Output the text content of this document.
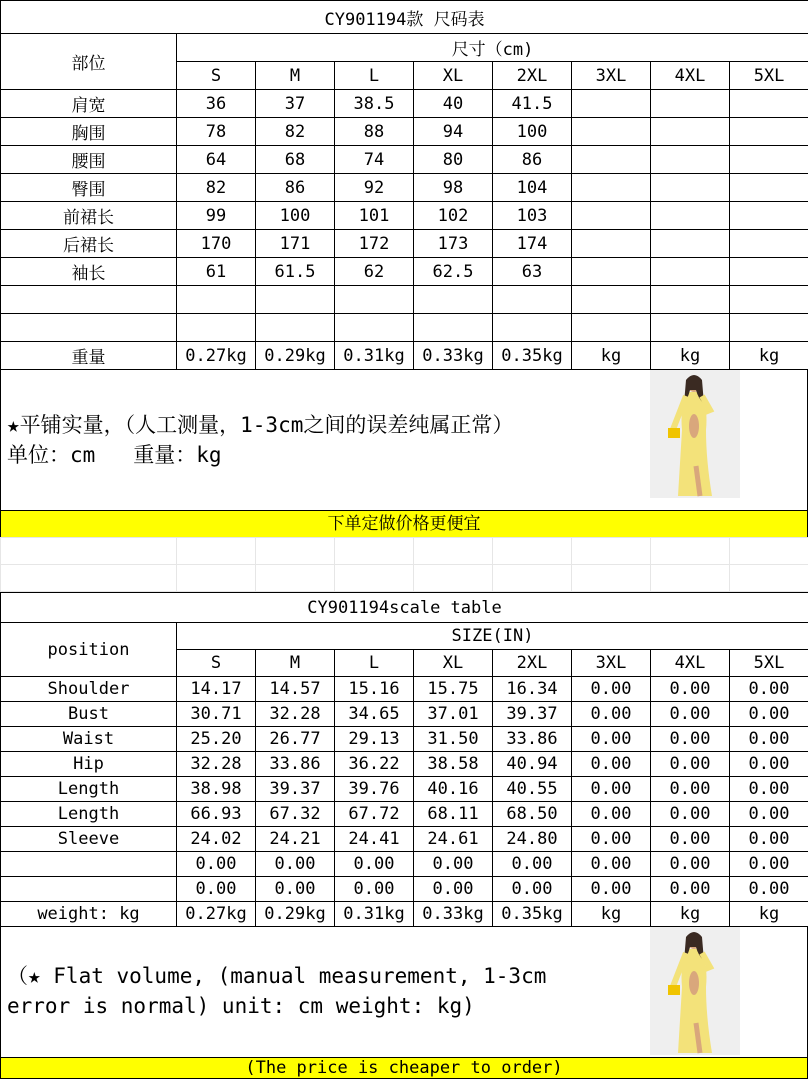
CY901194款 尺码表								
部位	尺寸（cm)							
	S	M	L	XL	2XL	3XL	4XL	5XL
肩宽	36	37	38.5	40	41.5			
胸围	78	82	88	94	100			
腰围	64	68	74	80	86			
臀围	82	86	92	98	104			
前裙长	99	100	101	102	103			
后裙长	170	171	172	173	174			
袖长	61	61.5	62	62.5	63			

重量	0.27kg	0.29kg	0.31kg	0.33kg	0.35kg	kg	kg	kg
★平铺实量，（人工测量，1-3cm之间的误差纯属正常）
单位：cm   重量：kg
下单定做价格更便宜

CY901194scale table								
position	SIZE(IN)							
	S	M	L	XL	2XL	3XL	4XL	5XL
Shoulder	14.17	14.57	15.16	15.75	16.34	0.00	0.00	0.00
Bust	30.71	32.28	34.65	37.01	39.37	0.00	0.00	0.00
Waist	25.20	26.77	29.13	31.50	33.86	0.00	0.00	0.00
Hip	32.28	33.86	36.22	38.58	40.94	0.00	0.00	0.00
Length	38.98	39.37	39.76	40.16	40.55	0.00	0.00	0.00
Length	66.93	67.32	67.72	68.11	68.50	0.00	0.00	0.00
Sleeve	24.02	24.21	24.41	24.61	24.80	0.00	0.00	0.00
	0.00	0.00	0.00	0.00	0.00	0.00	0.00	0.00
	0.00	0.00	0.00	0.00	0.00	0.00	0.00	0.00
weight: kg	0.27kg	0.29kg	0.31kg	0.33kg	0.35kg	kg	kg	kg
（★ Flat volume, (manual measurement, 1-3cm
error is normal) unit: cm weight: kg)
(The price is cheaper to order)
